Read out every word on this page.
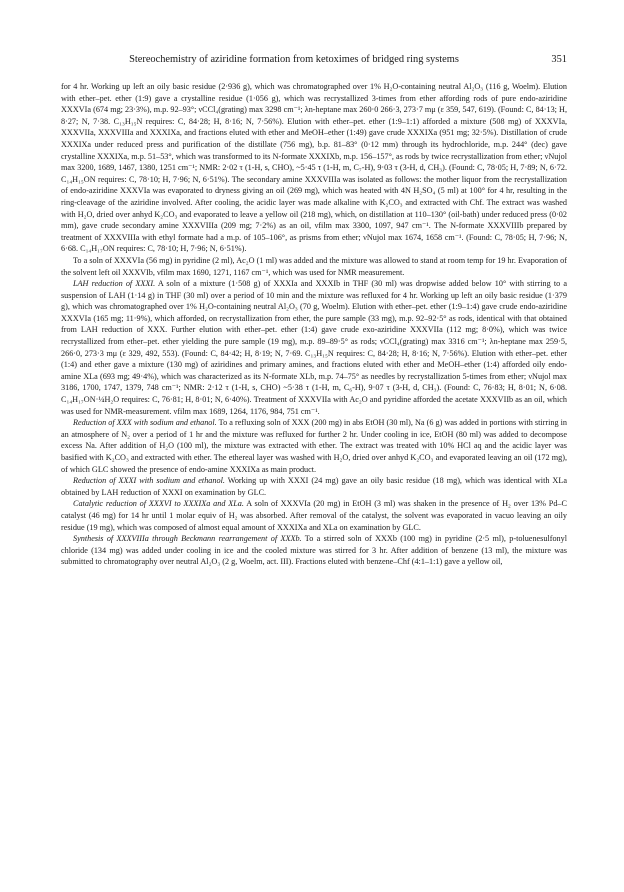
Stereochemistry of aziridine formation from ketoximes of bridged ring systems	351

for 4 hr. Working up left an oily basic residue (2·936 g), which was chromatographed over 1% H₂O-containing neutral Al₂O₃ (116 g, Woelm). Elution with ether–pet. ether (1:9) gave a crystalline residue (1·056 g), which was recrystallized 3-times from ether affording rods of pure endo-aziridine XXXVIa (674 mg; 23·3%), m.p. 92–93°; νCCl₄(grating) max 3298 cm⁻¹; λn-heptane max 260·0 266·3, 273·7 mμ (ε 359, 547, 619). (Found: C, 84·13; H, 8·27; N, 7·38. C₁₃H₁₅N requires: C, 84·28; H, 8·16; N, 7·56%). Elution with ether–pet. ether (1:9–1:1) afforded a mixture (508 mg) of XXXVIa, XXXVIIa, XXXVIIIa and XXXIXa, and fractions eluted with ether and MeOH–ether (1:49) gave crude XXXIXa (951 mg; 32·5%). Distillation of crude XXXIXa under reduced press and purification of the distillate (756 mg), b.p. 81–83° (0·12 mm) through its hydrochloride, m.p. 244° (dec) gave crystalline XXXIXa, m.p. 51–53°, which was transformed to its N-formate XXXIXb, m.p. 156–157°, as rods by twice recrystallization from ether; νNujol max 3200, 1689, 1467, 1380, 1251 cm⁻¹; NMR: 2·02 τ (1-H, s, CHO), ~5·45 τ (1-H, m, C₇-H), 9·03 τ (3-H, d, CH₃). (Found: C, 78·05; H, 7·89; N, 6·72. C₁₄H₁₅ON requires: C, 78·10; H, 7·96; N, 6·51%). The secondary amine XXXVIIIa was isolated as follows: the mother liquor from the recrystallization of endo-aziridine XXXVIa was evaporated to dryness giving an oil (269 mg), which was heated with 4N H₂SO₄ (5 ml) at 100° for 4 hr, resulting in the ring-cleavage of the aziridine involved. After cooling, the acidic layer was made alkaline with K₂CO₃ and extracted with Chf. The extract was washed with H₂O, dried over anhyd K₂CO₃ and evaporated to leave a yellow oil (218 mg), which, on distillation at 110–130° (oil-bath) under reduced press (0·02 mm), gave crude secondary amine XXXVIIIa (209 mg; 7·2%) as an oil, νfilm max 3300, 1097, 947 cm⁻¹. The N-formate XXXVIIIb prepared by treatment of XXXVIIIa with ethyl formate had a m.p. of 105–106°, as prisms from ether; νNujol max 1674, 1658 cm⁻¹. (Found: C, 78·05; H, 7·96; N, 6·68. C₁₄H₁₇ON requires: C, 78·10; H, 7·96; N, 6·51%).

To a soln of XXXVIa (56 mg) in pyridine (2 ml), Ac₂O (1 ml) was added and the mixture was allowed to stand at room temp for 19 hr. Evaporation of the solvent left oil XXXVIb, νfilm max 1690, 1271, 1167 cm⁻¹, which was used for NMR measurement.

LAH reduction of XXXI. A soln of a mixture (1·508 g) of XXXIa and XXXIb in THF (30 ml) was dropwise added below 10° with stirring to a suspension of LAH (1·14 g) in THF (30 ml) over a period of 10 min and the mixture was refluxed for 4 hr. Working up left an oily basic residue (1·379 g), which was chromatographed over 1% H₂O-containing neutral Al₂O₃ (70 g, Woelm). Elution with ether–pet. ether (1:9–1:4) gave crude endo-aziridine XXXVIa (165 mg; 11·9%), which afforded, on recrystallization from ether, the pure sample (33 mg), m.p. 92–92·5° as rods, identical with that obtained from LAH reduction of XXX. Further elution with ether–pet. ether (1:4) gave crude exo-aziridine XXXVIIa (112 mg; 8·0%), which was twice recrystallized from ether–pet. ether yielding the pure sample (19 mg), m.p. 89–89·5° as rods; νCCl₄(grating) max 3316 cm⁻¹; λn-heptane max 259·5, 266·0, 273·3 mμ (ε 329, 492, 553). (Found: C, 84·42; H, 8·19; N, 7·69. C₁₃H₁₅N requires: C, 84·28; H, 8·16; N, 7·56%). Elution with ether–pet. ether (1:4) and ether gave a mixture (130 mg) of aziridines and primary amines, and fractions eluted with ether and MeOH–ether (1:4) afforded oily endo-amine XLa (693 mg; 49·4%), which was characterized as its N-formate XLb, m.p. 74–75° as needles by recrystallization 5-times from ether; νNujol max 3186, 1700, 1747, 1379, 748 cm⁻¹; NMR: 2·12 τ (1-H, s, CHO) ~5·38 τ (1-H, m, C₆-H), 9·07 τ (3-H, d, CH₃). (Found: C, 76·83; H, 8·01; N, 6·08. C₁₄H₁₇ON·¼H₂O requires: C, 76·81; H, 8·01; N, 6·40%). Treatment of XXXVIIa with Ac₂O and pyridine afforded the acetate XXXVIIb as an oil, which was used for NMR-measurement. νfilm max 1689, 1264, 1176, 984, 751 cm⁻¹.

Reduction of XXX with sodium and ethanol. To a refluxing soln of XXX (200 mg) in abs EtOH (30 ml), Na (6 g) was added in portions with stirring in an atmosphere of N₂ over a period of 1 hr and the mixture was refluxed for further 2 hr. Under cooling in ice, EtOH (80 ml) was added to decompose excess Na. After addition of H₂O (100 ml), the mixture was extracted with ether. The extract was treated with 10% HCl aq and the acidic layer was basified with K₂CO₃ and extracted with ether. The ethereal layer was washed with H₂O, dried over anhyd K₂CO₃ and evaporated leaving an oil (172 mg), of which GLC showed the presence of endo-amine XXXIXa as main product.

Reduction of XXXI with sodium and ethanol. Working up with XXXI (24 mg) gave an oily basic residue (18 mg), which was identical with XLa obtained by LAH reduction of XXXI on examination by GLC.

Catalytic reduction of XXXVI to XXXIXa and XLa. A soln of XXXVIa (20 mg) in EtOH (3 ml) was shaken in the presence of H₂ over 13% Pd–C catalyst (46 mg) for 14 hr until 1 molar equiv of H₂ was absorbed. After removal of the catalyst, the solvent was evaporated in vacuo leaving an oily residue (19 mg), which was composed of almost equal amount of XXXIXa and XLa on examination by GLC.

Synthesis of XXXVIIIa through Beckmann rearrangement of XXXb. To a stirred soln of XXXb (100 mg) in pyridine (2·5 ml), p-toluenesulfonyl chloride (134 mg) was added under cooling in ice and the cooled mixture was stirred for 3 hr. After addition of benzene (13 ml), the mixture was submitted to chromatography over neutral Al₂O₃ (2 g, Woelm, act. III). Fractions eluted with benzene–Chf (4:1–1:1) gave a yellow oil,
